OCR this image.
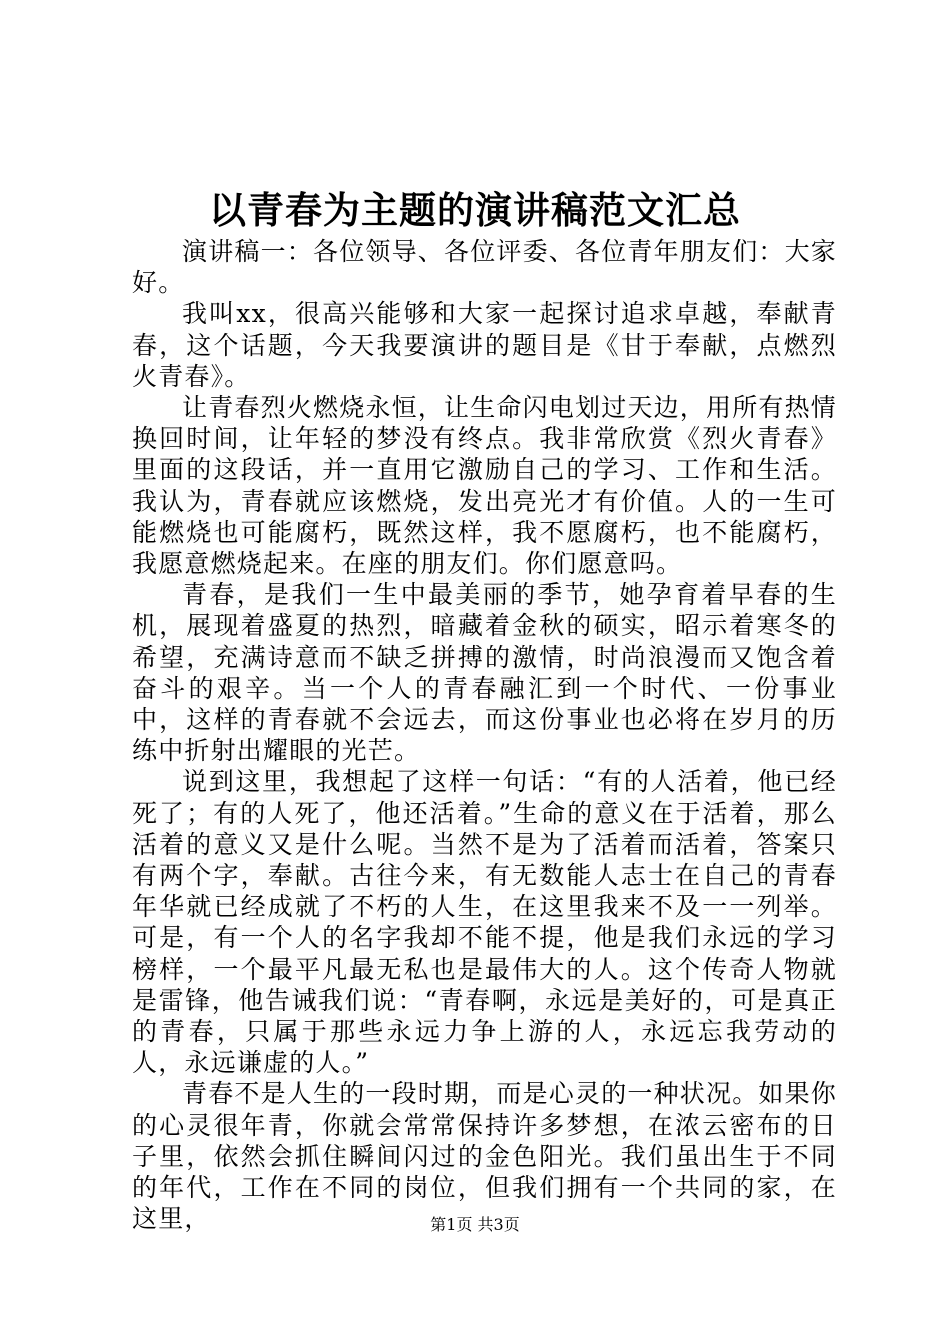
以青春为主题的演讲稿范文汇总

演讲稿一：各位领导、各位评委、各位青年朋友们：大家好。

我叫xx，很高兴能够和大家一起探讨追求卓越，奉献青春，这个话题，今天我要演讲的题目是《甘于奉献，点燃烈火青春》。

让青春烈火燃烧永恒，让生命闪电划过天边，用所有热情换回时间，让年轻的梦没有终点。我非常欣赏《烈火青春》里面的这段话，并一直用它激励自己的学习、工作和生活。我认为，青春就应该燃烧，发出亮光才有价值。人的一生可能燃烧也可能腐朽，既然这样，我不愿腐朽，也不能腐朽，我愿意燃烧起来。在座的朋友们。你们愿意吗。

青春，是我们一生中最美丽的季节，她孕育着早春的生机，展现着盛夏的热烈，暗藏着金秋的硕实，昭示着寒冬的希望，充满诗意而不缺乏拼搏的激情，时尚浪漫而又饱含着奋斗的艰辛。当一个人的青春融汇到一个时代、一份事业中，这样的青春就不会远去，而这份事业也必将在岁月的历练中折射出耀眼的光芒。

说到这里，我想起了这样一句话：“有的人活着，他已经死了；有的人死了，他还活着。”生命的意义在于活着，那么活着的意义又是什么呢。当然不是为了活着而活着，答案只有两个字，奉献。古往今来，有无数能人志士在自己的青春年华就已经成就了不朽的人生，在这里我来不及一一列举。可是，有一个人的名字我却不能不提，他是我们永远的学习榜样，一个最平凡最无私也是最伟大的人。这个传奇人物就是雷锋，他告诫我们说：“青春啊，永远是美好的，可是真正的青春，只属于那些永远力争上游的人，永远忘我劳动的人，永远谦虚的人。”

青春不是人生的一段时期，而是心灵的一种状况。如果你的心灵很年青，你就会常常保持许多梦想，在浓云密布的日子里，依然会抓住瞬间闪过的金色阳光。我们虽出生于不同的年代，工作在不同的岗位，但我们拥有一个共同的家，在这里，	第1页 共3页
